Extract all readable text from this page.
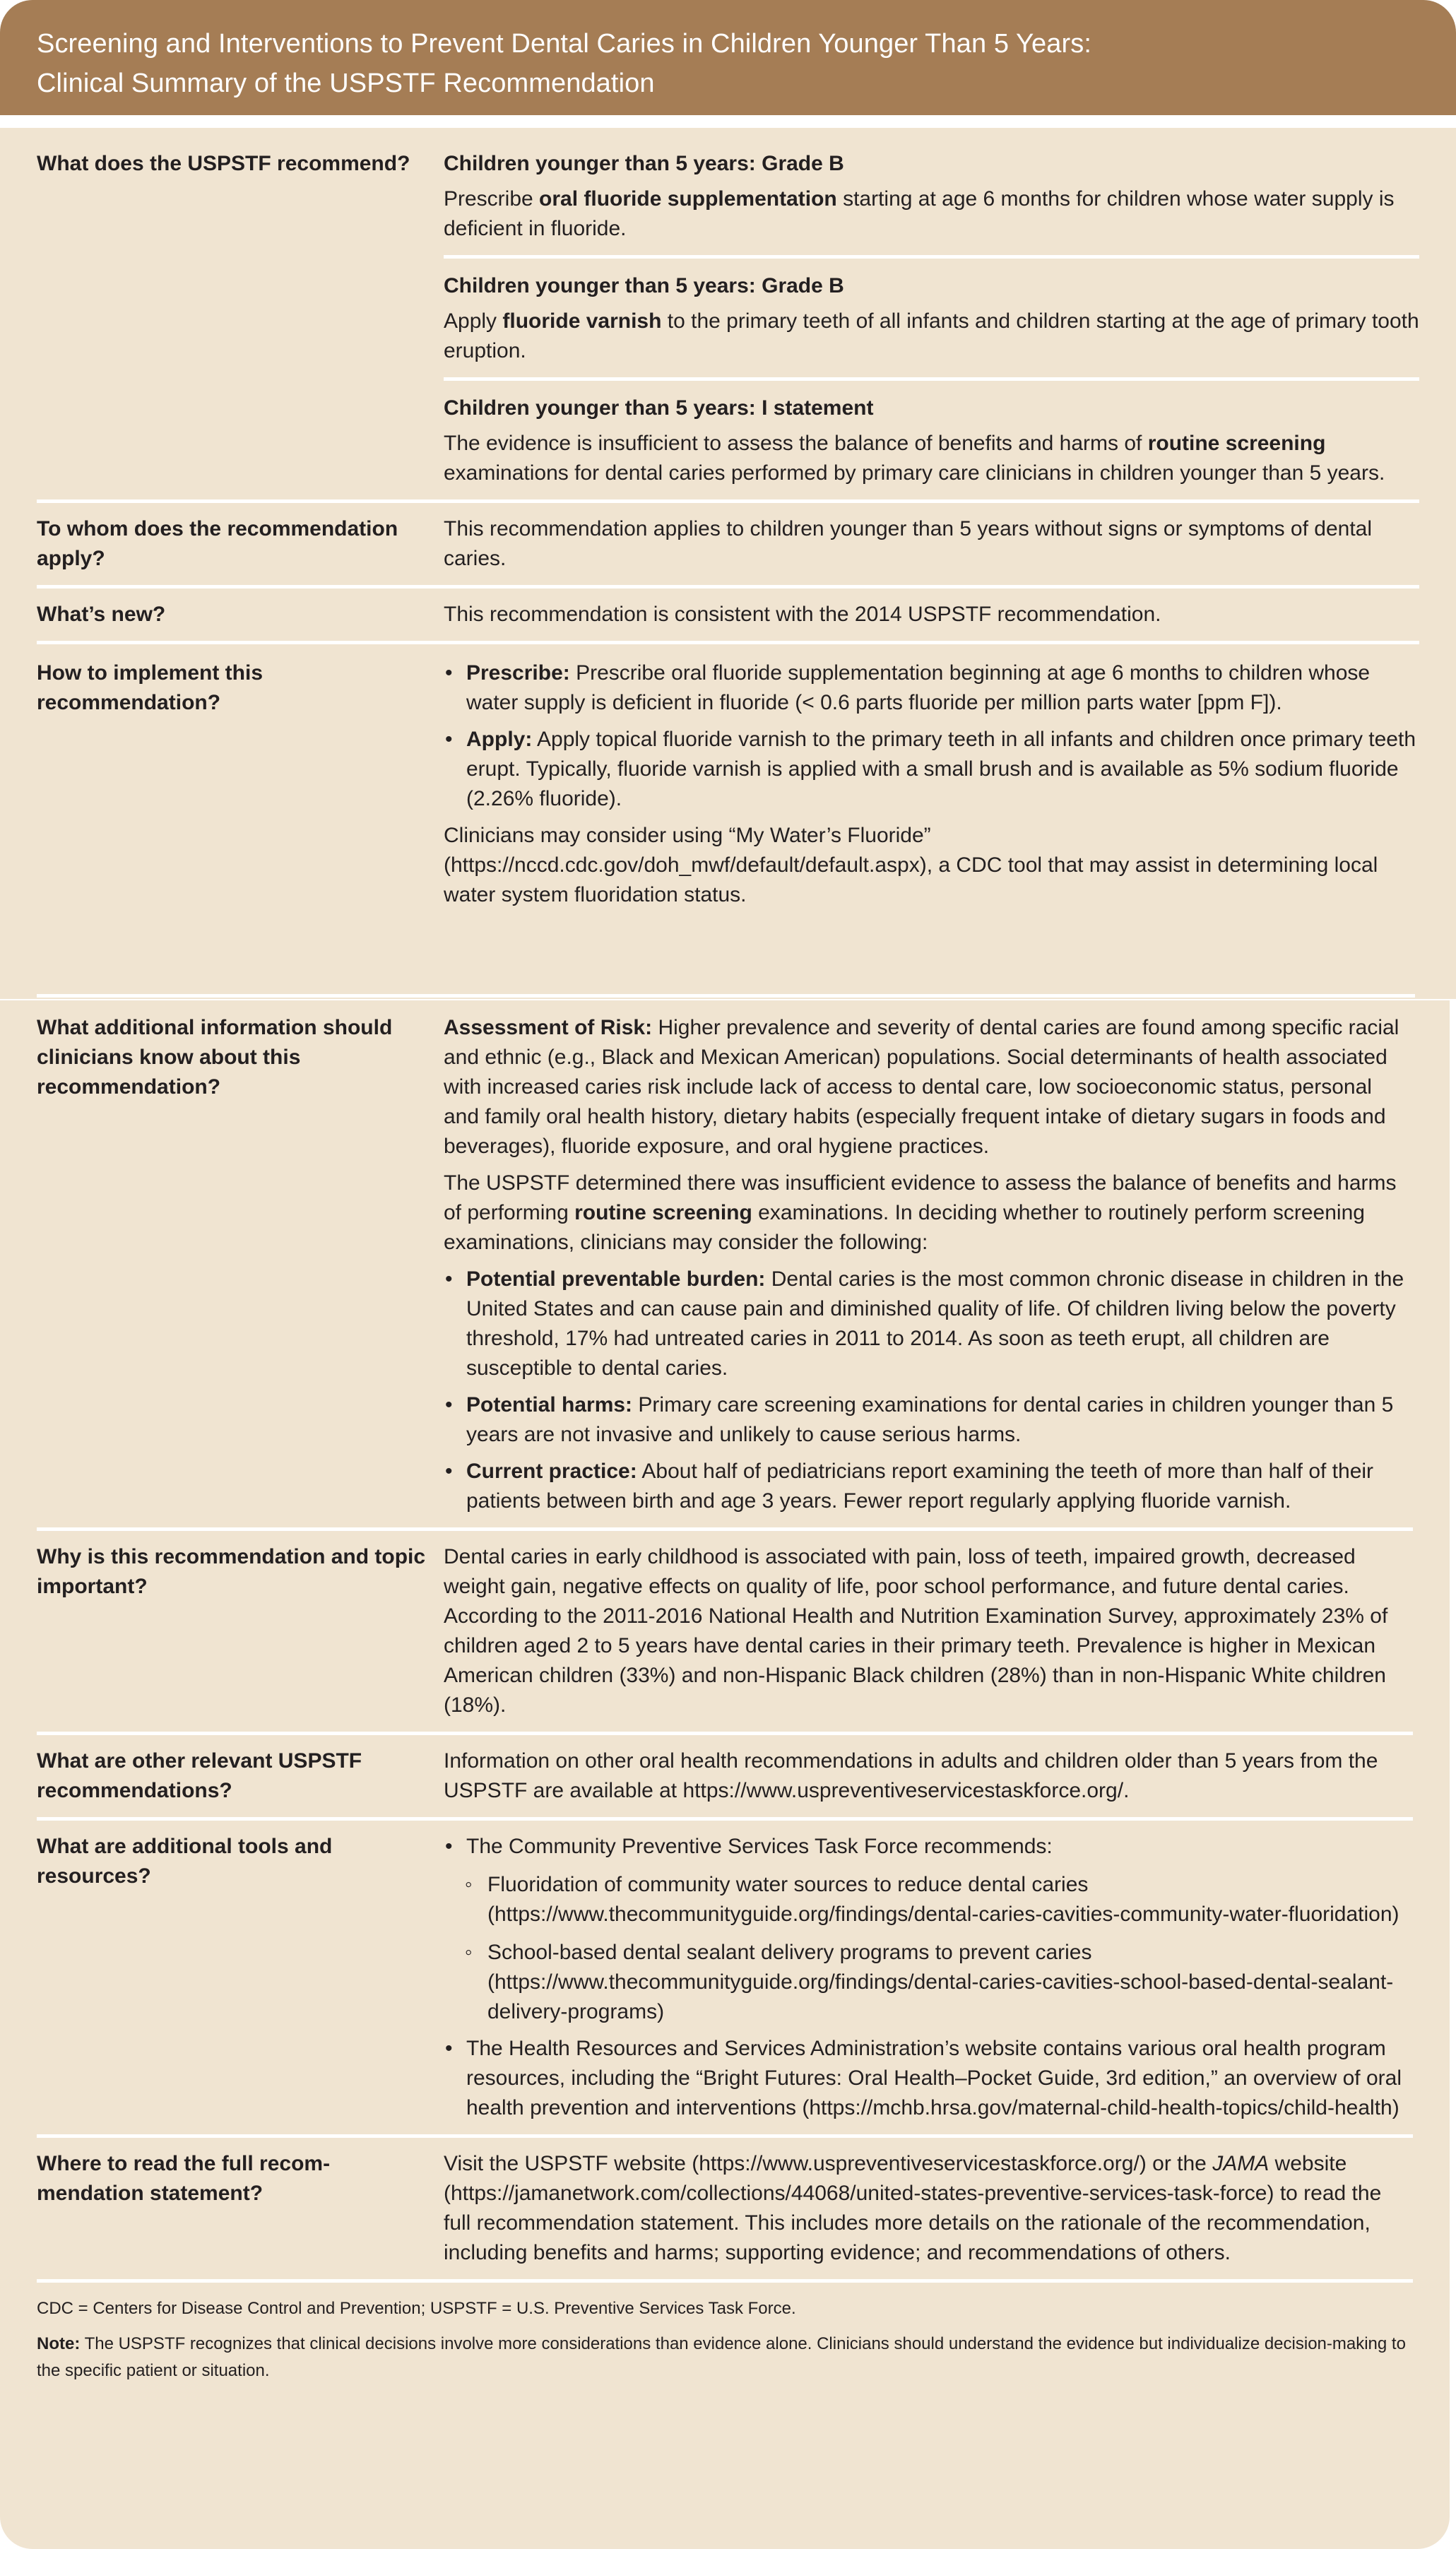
Screening and Interventions to Prevent Dental Caries in Children Younger Than 5 Years:
Clinical Summary of the USPSTF Recommendation
What does the USPSTF recommend?	Children younger than 5 years: Grade B

Prescribe oral fluoride supplementation starting at age 6 months for children whose water supply is deficient in fluoride.

Children younger than 5 years: Grade B

Apply fluoride varnish to the primary teeth of all infants and children starting at the age of primary tooth eruption.

Children younger than 5 years: I statement

The evidence is insufficient to assess the balance of benefits and harms of routine screening examinations for dental caries performed by primary care clinicians in children younger than 5 years.

To whom does the recommendation apply?
This recommendation applies to children younger than 5 years without signs or symptoms of dental caries.
What’s new?	This recommendation is consistent with the 2014 USPSTF recommendation.
How to implement this recommendation?
• Prescribe: Prescribe oral fluoride supplementation beginning at age 6 months to children whose water supply is deficient in fluoride (< 0.6 parts fluoride per million parts water [ppm F]).
• Apply: Apply topical fluoride varnish to the primary teeth in all infants and children once primary teeth erupt. Typically, fluoride varnish is applied with a small brush and is available as 5% sodium fluoride (2.26% fluoride).

Clinicians may consider using “My Water’s Fluoride” (https://nccd.cdc.gov/doh_mwf/default/default.aspx), a CDC tool that may assist in determining local water system fluoridation status.

What additional information should clinicians know about this recommendation?

Assessment of Risk: Higher prevalence and severity of dental caries are found among specific racial and ethnic (e.g., Black and Mexican American) populations. Social determinants of health associated with increased caries risk include lack of access to dental care, low socioeconomic status, personal and family oral health history, dietary habits (especially frequent intake of dietary sugars in foods and beverages), fluoride exposure, and oral hygiene practices.

The USPSTF determined there was insufficient evidence to assess the balance of benefits and harms of performing routine screening examinations. In deciding whether to routinely perform screening examinations, clinicians may consider the following:

• Potential preventable burden: Dental caries is the most common chronic disease in children in the United States and can cause pain and diminished quality of life. Of children living below the poverty threshold, 17% had untreated caries in 2011 to 2014. As soon as teeth erupt, all children are susceptible to dental caries.
• Potential harms: Primary care screening examinations for dental caries in children younger than 5 years are not invasive and unlikely to cause serious harms.
• Current practice: About half of pediatricians report examining the teeth of more than half of their patients between birth and age 3 years. Fewer report regularly applying fluoride varnish.
Why is this recommendation and topic important?
Dental caries in early childhood is associated with pain, loss of teeth, impaired growth, decreased weight gain, negative effects on quality of life, poor school performance, and future dental caries. According to the 2011-2016 National Health and Nutrition Examination Survey, approximately 23% of children aged 2 to 5 years have dental caries in their primary teeth. Prevalence is higher in Mexican American children (33%) and non-Hispanic Black children (28%) than in non-Hispanic White children (18%).
What are other relevant USPSTF recommendations?
Information on other oral health recommendations in adults and children older than 5 years from the USPSTF are available at https://www.uspreventiveservicestaskforce.org/.
What are additional tools and resources?
• The Community Preventive Services Task Force recommends:
◦ Fluoridation of community water sources to reduce dental caries (https://www.thecommunityguide.org/findings/dental-caries-cavities-community-water-fluoridation)
◦ School-based dental sealant delivery programs to prevent caries (https://www.thecommunityguide.org/findings/dental-caries-cavities-school-based-dental-sealant-delivery-programs)
• The Health Resources and Services Administration’s website contains various oral health program resources, including the “Bright Futures: Oral Health–Pocket Guide, 3rd edition,” an overview of oral health prevention and interventions (https://mchb.hrsa.gov/maternal-child-health-topics/child-health)
Where to read the full recommendation statement?
Visit the USPSTF website (https://www.uspreventiveservicestaskforce.org/) or the JAMA website (https://jamanetwork.com/collections/44068/united-states-preventive-services-task-force) to read the full recommendation statement. This includes more details on the rationale of the recommendation, including benefits and harms; supporting evidence; and recommendations of others.
CDC = Centers for Disease Control and Prevention; USPSTF = U.S. Preventive Services Task Force.
Note: The USPSTF recognizes that clinical decisions involve more considerations than evidence alone. Clinicians should understand the evidence but individualize decision-making to the specific patient or situation.
